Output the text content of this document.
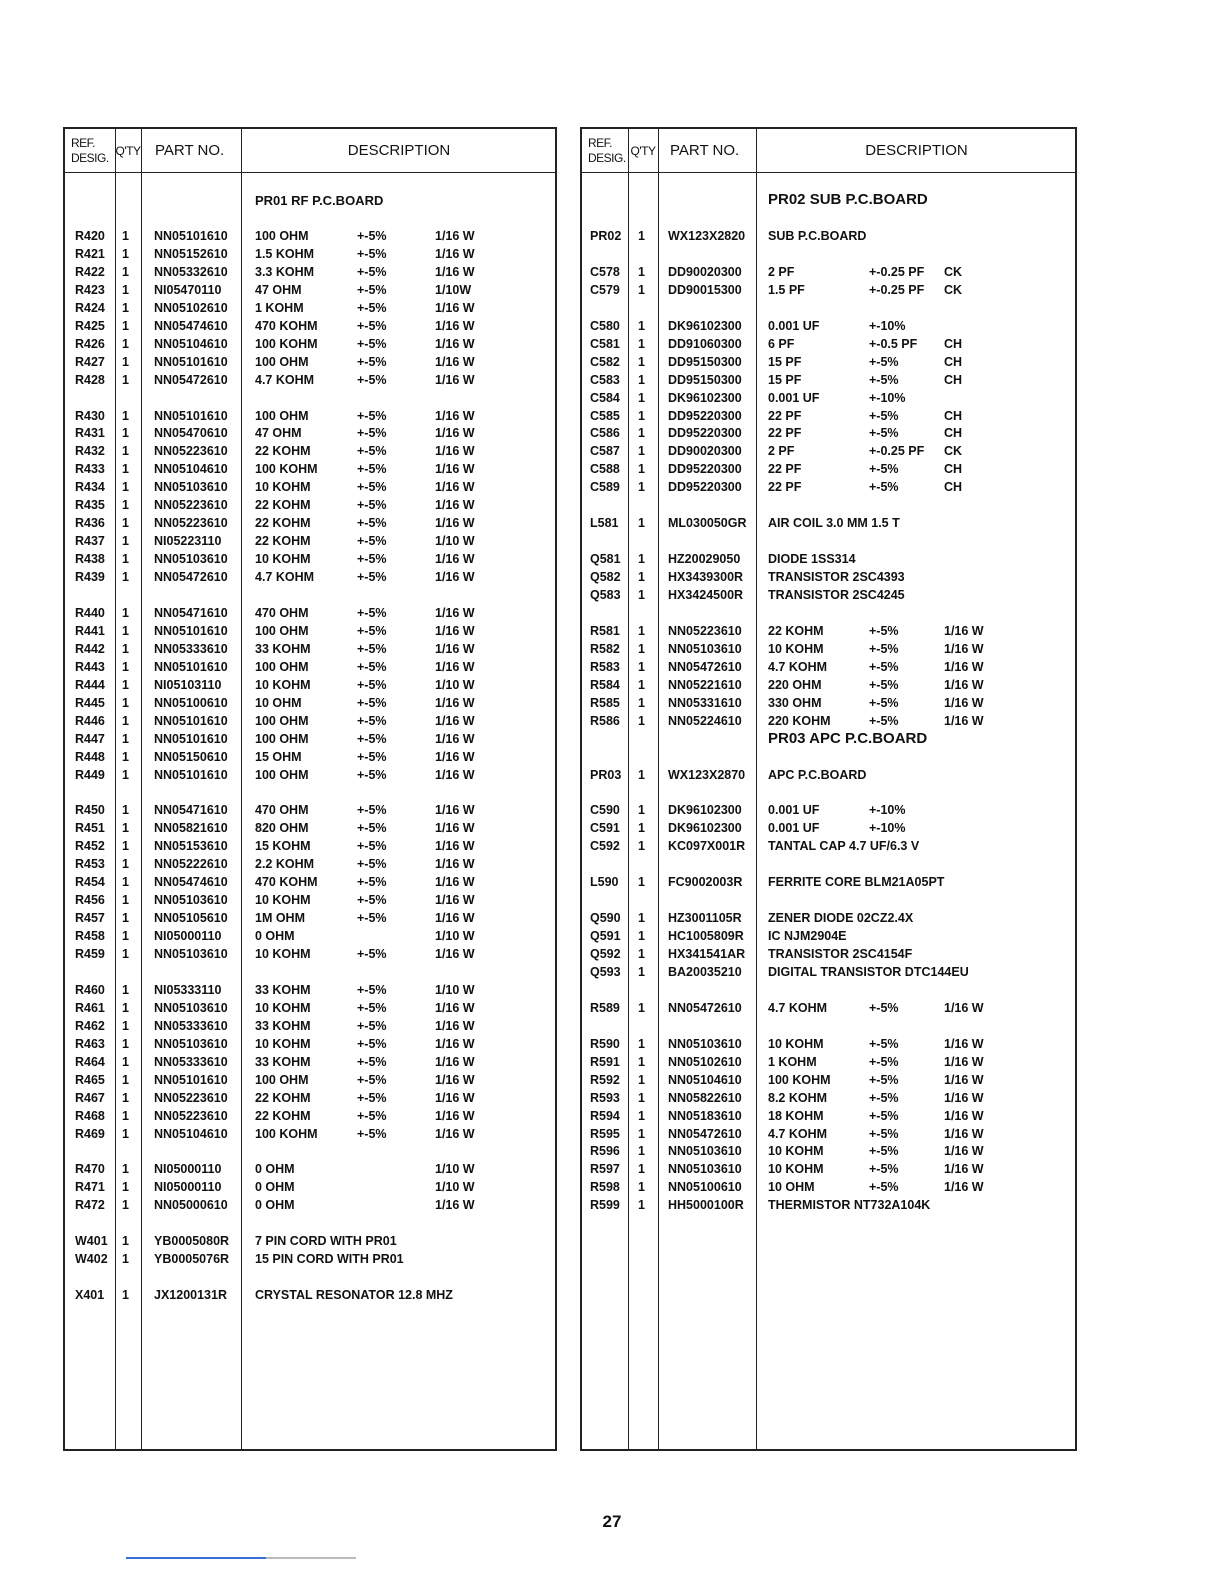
REF.
DESIG. Q'TY PART NO.	DESCRIPTION
PR01 RF P.C.BOARD
R420 1 NN05101610 100 OHM	+-5%	1/16 W
R421 1 NN05152610 1.5 KOHM	+-5%	1/16 W
R422 1 NN05332610 3.3 KOHM	+-5%	1/16 W
R423 1 NI05470110	47 OHM	+-5%	1/10W
R424 1 NN05102610 1 KOHM	+-5%	1/16 W
R425 1 NN05474610 470 KOHM	+-5%	1/16 W
R426 1 NN05104610 100 KOHM	+-5%	1/16 W
R427 1 NN05101610 100 OHM	+-5%	1/16 W
R428 1 NN05472610 4.7 KOHM	+-5%	1/16 W
R430 1 NN05101610 100 OHM	+-5%	1/16 W
R431 1 NN05470610 47 OHM	+-5%	1/16 W
R432 1 NN05223610 22 KOHM	+-5%	1/16 W
R433 1 NN05104610 100 KOHM	+-5%	1/16 W
R434 1 NN05103610 10 KOHM	+-5%	1/16 W
R435 1 NN05223610 22 KOHM	+-5%	1/16 W
R436 1 NN05223610 22 KOHM	+-5%	1/16 W
R437 1 NI05223110	22 KOHM	+-5%	1/10 W
R438 1 NN05103610 10 KOHM	+-5%	1/16 W
R439 1 NN05472610 4.7 KOHM	+-5%	1/16 W
R440 1 NN05471610 470 OHM	+-5%	1/16 W
R441 1 NN05101610 100 OHM	+-5%	1/16 W
R442 1 NN05333610 33 KOHM	+-5%	1/16 W
R443 1 NN05101610 100 OHM	+-5%	1/16 W
R444 1 NI05103110	10 KOHM	+-5%	1/10 W
R445 1 NN05100610 10 OHM	+-5%	1/16 W
R446 1 NN05101610 100 OHM	+-5%	1/16 W
R447 1 NN05101610 100 OHM	+-5%	1/16 W
R448 1 NN05150610 15 OHM	+-5%	1/16 W
R449 1 NN05101610 100 OHM	+-5%	1/16 W
R450 1 NN05471610 470 OHM	+-5%	1/16 W
R451 1 NN05821610 820 OHM	+-5%	1/16 W
R452 1 NN05153610 15 KOHM	+-5%	1/16 W
R453 1 NN05222610 2.2 KOHM	+-5%	1/16 W
R454 1 NN05474610 470 KOHM	+-5%	1/16 W
R456 1 NN05103610 10 KOHM	+-5%	1/16 W
R457 1 NN05105610 1M OHM	+-5%	1/16 W
R458 1 NI05000110	0 OHM	1/10 W
R459 1 NN05103610 10 KOHM	+-5%	1/16 W
R460 1 NI05333110	33 KOHM	+-5%	1/10 W
R461 1 NN05103610 10 KOHM	+-5%	1/16 W
R462 1 NN05333610 33 KOHM	+-5%	1/16 W
R463 1 NN05103610 10 KOHM	+-5%	1/16 W
R464 1 NN05333610 33 KOHM	+-5%	1/16 W
R465 1 NN05101610 100 OHM	+-5%	1/16 W
R467 1 NN05223610 22 KOHM	+-5%	1/16 W
R468 1 NN05223610 22 KOHM	+-5%	1/16 W
R469 1 NN05104610 100 KOHM	+-5%	1/16 W
R470 1 NI05000110	0 OHM	1/10 W
R471 1 NI05000110	0 OHM	1/10 W
R472 1 NN05000610 0 OHM	1/16 W
W401 1 YB0005080R 7 PIN CORD WITH PR01
W402 1 YB0005076R 15 PIN CORD WITH PR01
X401 1 JX1200131R CRYSTAL RESONATOR 12.8 MHZ
REF.
DESIG. Q'TY PART NO.	DESCRIPTION
PR02 SUB P.C.BOARD
PR03 APC P.C.BOARD
PR02 1 WX123X2820 SUB P.C.BOARD
C578 1 DD90020300 2 PF	+-0.25 PF CK
C579 1 DD90015300 1.5 PF	+-0.25 PF CK
C580 1 DK96102300 0.001 UF	+-10%
C581 1 DD91060300 6 PF	+-0.5 PF CH
C582 1 DD95150300 15 PF	+-5%	CH
C583 1 DD95150300 15 PF	+-5%	CH
C584 1 DK96102300 0.001 UF	+-10%
C585 1 DD95220300 22 PF	+-5%	CH
C586 1 DD95220300 22 PF	+-5%	CH
C587 1 DD90020300 2 PF	+-0.25 PF CK
C588 1 DD95220300 22 PF	+-5%	CH
C589 1 DD95220300 22 PF	+-5%	CH
L581 1 ML030050GR AIR COIL 3.0 MM 1.5 T
Q581 1 HZ20029050 DIODE 1SS314
Q582 1 HX3439300R TRANSISTOR 2SC4393
Q583 1 HX3424500R TRANSISTOR 2SC4245
R581 1 NN05223610 22 KOHM	+-5%	1/16 W
R582 1 NN05103610 10 KOHM	+-5%	1/16 W
R583 1 NN05472610 4.7 KOHM	+-5%	1/16 W
R584 1 NN05221610 220 OHM	+-5%	1/16 W
R585 1 NN05331610 330 OHM	+-5%	1/16 W
R586 1 NN05224610 220 KOHM	+-5%	1/16 W
PR03 1 WX123X2870 APC P.C.BOARD
C590 1 DK96102300 0.001 UF	+-10%
C591 1 DK96102300 0.001 UF	+-10%
C592 1 KC097X001R TANTAL CAP 4.7 UF/6.3 V
L590 1 FC9002003R FERRITE CORE BLM21A05PT
Q590 1 HZ3001105R ZENER DIODE 02CZ2.4X
Q591 1 HC1005809R IC NJM2904E
Q592 1 HX341541AR TRANSISTOR 2SC4154F
Q593 1 BA20035210 DIGITAL TRANSISTOR DTC144EU
R589 1 NN05472610 4.7 KOHM	+-5%	1/16 W
R590 1 NN05103610 10 KOHM	+-5%	1/16 W
R591 1 NN05102610 1 KOHM	+-5%	1/16 W
R592 1 NN05104610 100 KOHM	+-5%	1/16 W
R593 1 NN05822610 8.2 KOHM	+-5%	1/16 W
R594 1 NN05183610 18 KOHM	+-5%	1/16 W
R595 1 NN05472610 4.7 KOHM	+-5%	1/16 W
R596 1 NN05103610 10 KOHM	+-5%	1/16 W
R597 1 NN05103610 10 KOHM	+-5%	1/16 W
R598 1 NN05100610 10 OHM	+-5%	1/16 W
R599 1 HH5000100R THERMISTOR NT732A104K
27
